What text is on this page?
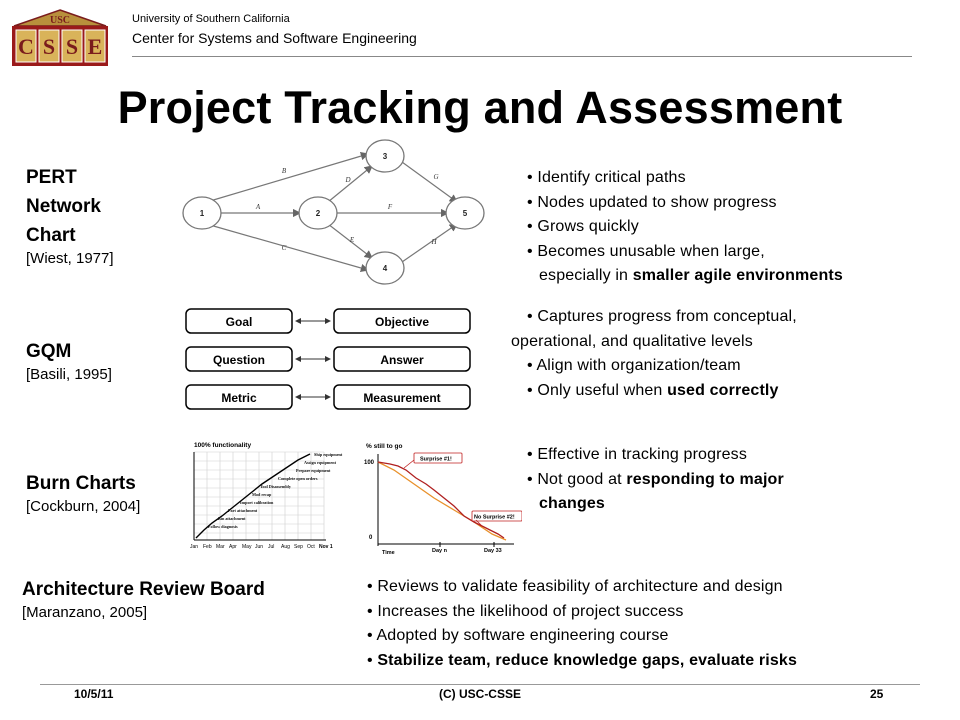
USC
C S S E
University of Southern California
Center for Systems and Software Engineering
Project Tracking and Assessment
PERT
Network
Chart
[Wiest, 1977]
1	2
3
4
5
A
B
C
D
E
F
G
H
• Identify critical paths
• Nodes updated to show progress
• Grows quickly
• Becomes unusable when large,
especially in smaller agile environments
GQM
[Basili, 1995]
Goal
Question
Metric
Objective
Answer
Measurement
• Captures progress from conceptual,
operational, and qualitative levels
• Align with organization/team
• Only useful when used correctly
Burn Charts
[Cockburn, 2004]
100% functionality
Ship equipment
Assign equipment
Prepare equipment
Complete open orders
Tool Disassembly
Mod recap
Import calibration
Part attachment
Bin attachment
Follow diagnosis
Jan Feb Mar Apr May Jun Jul Aug Sep Oct Nov 1
% still to go
100
0
Surprise #1!
No Surprise #2!
Day n	Day 33
Time
• Effective in tracking progress
• Not good at responding to major
changes
Architecture Review Board
[Maranzano, 2005]
• Reviews to validate feasibility of architecture and design
• Increases the likelihood of project success
• Adopted by software engineering course
• Stabilize team, reduce knowledge gaps, evaluate risks
10/5/11	(C) USC-CSSE	25
